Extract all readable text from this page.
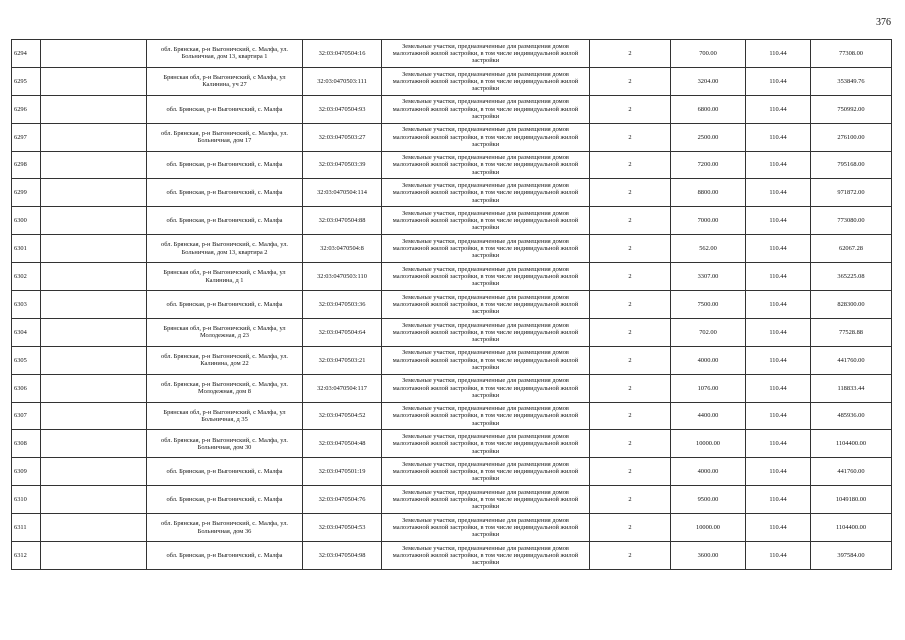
376
6294		обл. Брянская, р-н Выгоничский, с. Малфа, ул. Больничная, дом 13, квартира 1	32:03:0470504:16	Земельные участки, предназначенные для размещения домов малоэтажной жилой застройки, в том числе индивидуальной жилой застройки	2	700.00	110.44	77308.00
6295		Брянская обл, р-н Выгоничский, с Малфа, ул Калинина, уч 27	32:03:0470503:111	Земельные участки, предназначенные для размещения домов малоэтажной жилой застройки, в том числе индивидуальной жилой застройки	2	3204.00	110.44	353849.76
6296		обл. Брянская, р-н Выгоничский, с. Малфа	32:03:0470504:93	Земельные участки, предназначенные для размещения домов малоэтажной жилой застройки, в том числе индивидуальной жилой застройки	2	6800.00	110.44	750992.00
6297		обл. Брянская, р-н Выгоничский, с. Малфа, ул. Больничная, дом 17	32:03:0470503:27	Земельные участки, предназначенные для размещения домов малоэтажной жилой застройки, в том числе индивидуальной жилой застройки	2	2500.00	110.44	276100.00
6298		обл. Брянская, р-н Выгоничский, с. Малфа	32:03:0470503:39	Земельные участки, предназначенные для размещения домов малоэтажной жилой застройки, в том числе индивидуальной жилой застройки	2	7200.00	110.44	795168.00
6299		обл. Брянская, р-н Выгоничский, с. Малфа	32:03:0470504:114	Земельные участки, предназначенные для размещения домов малоэтажной жилой застройки, в том числе индивидуальной жилой застройки	2	8800.00	110.44	971872.00
6300		обл. Брянская, р-н Выгоничский, с. Малфа	32:03:0470504:88	Земельные участки, предназначенные для размещения домов малоэтажной жилой застройки, в том числе индивидуальной жилой застройки	2	7000.00	110.44	773080.00
6301		обл. Брянская, р-н Выгоничский, с. Малфа, ул. Больничная, дом 13, квартира 2	32:03:0470504:8	Земельные участки, предназначенные для размещения домов малоэтажной жилой застройки, в том числе индивидуальной жилой застройки	2	562.00	110.44	62067.28
6302		Брянская обл, р-н Выгоничский, с Малфа, ул Калинина, д 1	32:03:0470503:110	Земельные участки, предназначенные для размещения домов малоэтажной жилой застройки, в том числе индивидуальной жилой застройки	2	3307.00	110.44	365225.08
6303		обл. Брянская, р-н Выгоничский, с. Малфа	32:03:0470503:36	Земельные участки, предназначенные для размещения домов малоэтажной жилой застройки, в том числе индивидуальной жилой застройки	2	7500.00	110.44	828300.00
6304		Брянская обл, р-н Выгоничский, с Малфа, ул Молодежная, д 23	32:03:0470504:64	Земельные участки, предназначенные для размещения домов малоэтажной жилой застройки, в том числе индивидуальной жилой застройки	2	702.00	110.44	77528.88
6305		обл. Брянская, р-н Выгоничский, с. Малфа, ул. Калинина, дом 22	32:03:0470503:21	Земельные участки, предназначенные для размещения домов малоэтажной жилой застройки, в том числе индивидуальной жилой застройки	2	4000.00	110.44	441760.00
6306		обл. Брянская, р-н Выгоничский, с. Малфа, ул. Молодежная, дом 8	32:03:0470504:117	Земельные участки, предназначенные для размещения домов малоэтажной жилой застройки, в том числе индивидуальной жилой застройки	2	1076.00	110.44	118833.44
6307		Брянская обл, р-н Выгоничский, с Малфа, ул Больничная, д 35	32:03:0470504:52	Земельные участки, предназначенные для размещения домов малоэтажной жилой застройки, в том числе индивидуальной жилой застройки	2	4400.00	110.44	485936.00
6308		обл. Брянская, р-н Выгоничский, с. Малфа, ул. Больничная, дом 30	32:03:0470504:48	Земельные участки, предназначенные для размещения домов малоэтажной жилой застройки, в том числе индивидуальной жилой застройки	2	10000.00	110.44	1104400.00
6309		обл. Брянская, р-н Выгоничский, с. Малфа	32:03:0470501:19	Земельные участки, предназначенные для размещения домов малоэтажной жилой застройки, в том числе индивидуальной жилой застройки	2	4000.00	110.44	441760.00
6310		обл. Брянская, р-н Выгоничский, с. Малфа	32:03:0470504:76	Земельные участки, предназначенные для размещения домов малоэтажной жилой застройки, в том числе индивидуальной жилой застройки	2	9500.00	110.44	1049180.00
6311		обл. Брянская, р-н Выгоничский, с. Малфа, ул. Больничная, дом 36	32:03:0470504:53	Земельные участки, предназначенные для размещения домов малоэтажной жилой застройки, в том числе индивидуальной жилой застройки	2	10000.00	110.44	1104400.00
6312		обл. Брянская, р-н Выгоничский, с. Малфа	32:03:0470504:98	Земельные участки, предназначенные для размещения домов малоэтажной жилой застройки, в том числе индивидуальной жилой застройки	2	3600.00	110.44	397584.00
